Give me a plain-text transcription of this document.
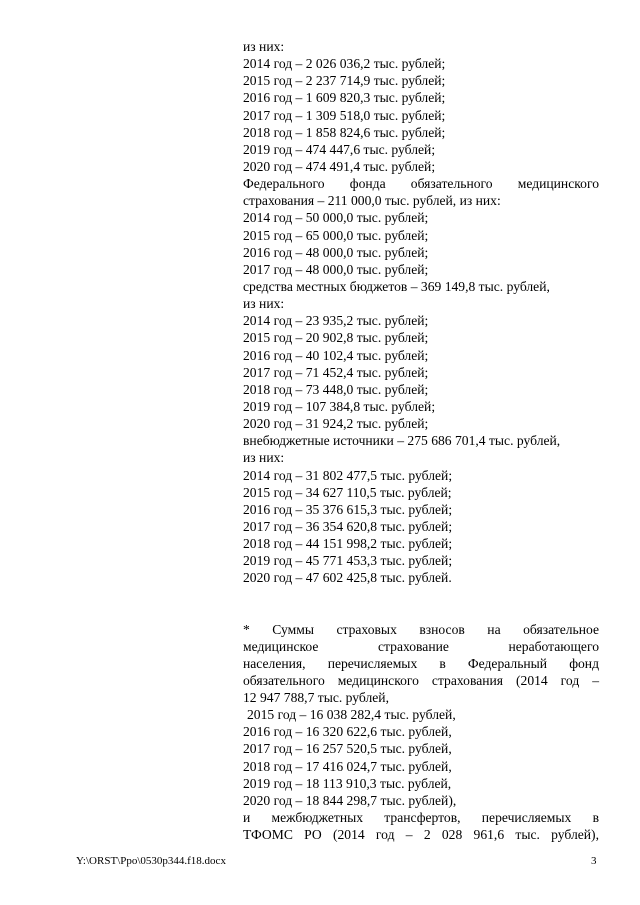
из них:
2014 год – 2 026 036,2 тыс. рублей;
2015 год – 2 237 714,9 тыс. рублей;
2016 год – 1 609 820,3 тыс. рублей;
2017 год – 1 309 518,0 тыс. рублей;
2018 год – 1 858 824,6 тыс. рублей;
2019 год – 474 447,6 тыс. рублей;
2020 год – 474 491,4 тыс. рублей;
Федерального фонда обязательного медицинского
страхования – 211 000,0 тыс. рублей, из них:
2014 год – 50 000,0 тыс. рублей;
2015 год – 65 000,0 тыс. рублей;
2016 год – 48 000,0 тыс. рублей;
2017 год – 48 000,0 тыс. рублей;
средства местных бюджетов – 369 149,8 тыс. рублей,
из них:
2014 год – 23 935,2 тыс. рублей;
2015 год – 20 902,8 тыс. рублей;
2016 год – 40 102,4 тыс. рублей;
2017 год – 71 452,4 тыс. рублей;
2018 год – 73 448,0 тыс. рублей;
2019 год – 107 384,8 тыс. рублей;
2020 год – 31 924,2 тыс. рублей;
внебюджетные источники – 275 686 701,4 тыс. рублей,
из них:
2014 год – 31 802 477,5 тыс. рублей;
2015 год – 34 627 110,5 тыс. рублей;
2016 год – 35 376 615,3 тыс. рублей;
2017 год – 36 354 620,8 тыс. рублей;
2018 год – 44 151 998,2 тыс. рублей;
2019 год – 45 771 453,3 тыс. рублей;
2020 год – 47 602 425,8 тыс. рублей.
* Суммы страховых взносов на обязательное
медицинское страхование неработающего
населения, перечисляемых в Федеральный фонд
обязательного медицинского страхования (2014 год –
12 947 788,7 тыс. рублей,
2015 год – 16 038 282,4 тыс. рублей,
2016 год – 16 320 622,6 тыс. рублей,
2017 год – 16 257 520,5 тыс. рублей,
2018 год – 17 416 024,7 тыс. рублей,
2019 год – 18 113 910,3 тыс. рублей,
2020 год – 18 844 298,7 тыс. рублей),
и межбюджетных трансфертов, перечисляемых в
ТФОМС РО (2014 год – 2 028 961,6 тыс. рублей),
Y:\ORST\Ppo\0530p344.f18.docx	3
